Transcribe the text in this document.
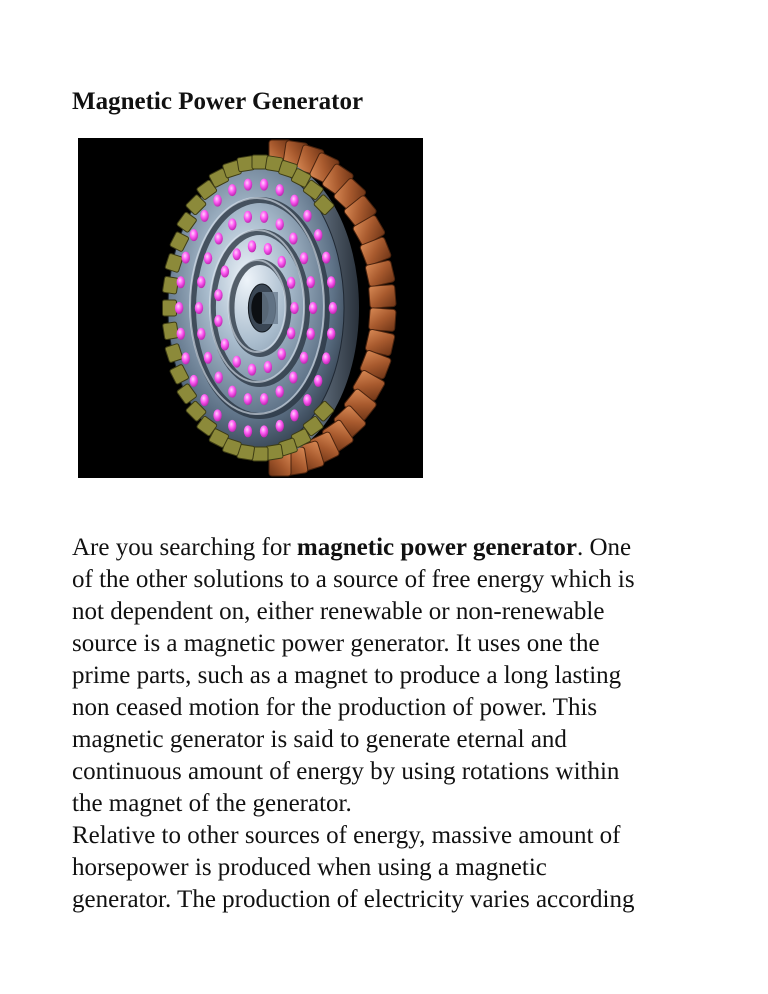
Magnetic Power Generator

Are you searching for magnetic power generator. One
of the other solutions to a source of free energy which is
not dependent on, either renewable or non-renewable
source is a magnetic power generator. It uses one the
prime parts, such as a magnet to produce a long lasting
non ceased motion for the production of power. This
magnetic generator is said to generate eternal and
continuous amount of energy by using rotations within
the magnet of the generator.

Relative to other sources of energy, massive amount of
horsepower is produced when using a magnetic
generator. The production of electricity varies according
